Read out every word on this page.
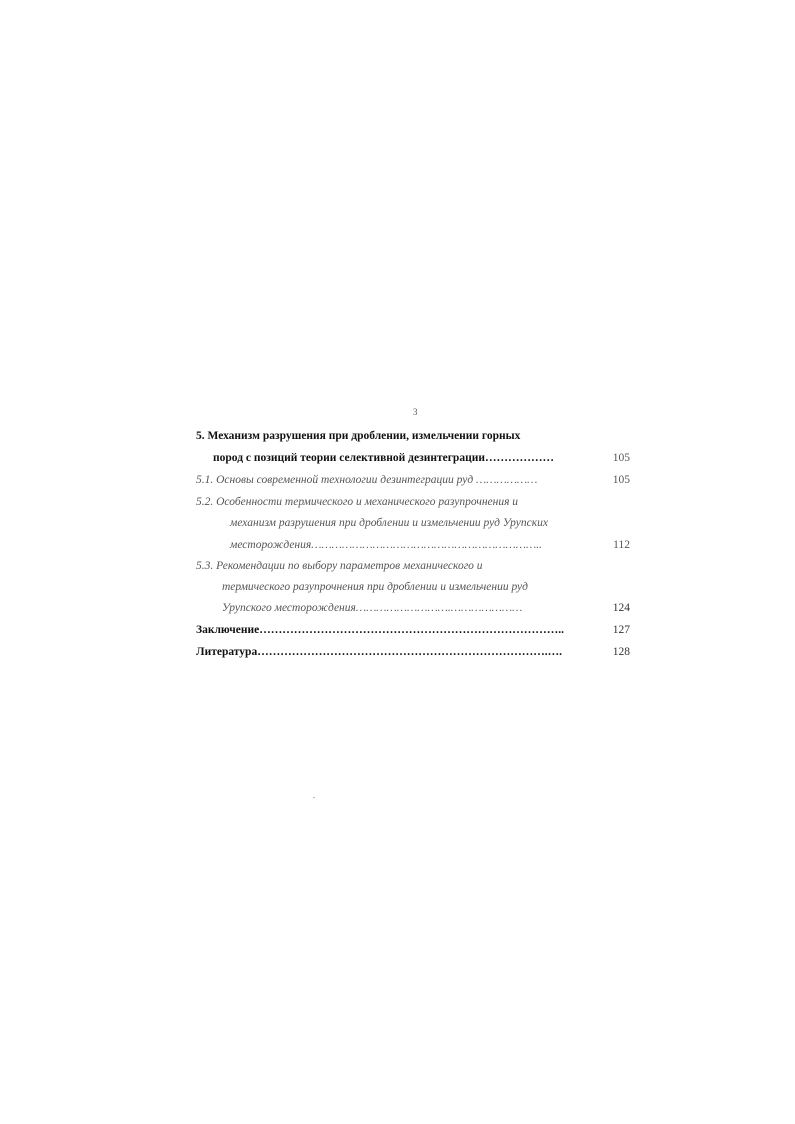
3
5. Механизм разрушения при дроблении, измельчении горных
пород с позиций теории селективной дезинтеграции………………	105
5.1. Основы современной технологии дезинтеграции руд ………………	105
5.2. Особенности термического и механического разупрочнения и
механизм разрушения при дроблении и измельчении руд Урупских
месторождения…………………………………………………………..	112
5.3. Рекомендации по выбору параметров механического и
термического разупрочнения при дроблении и измельчении руд
Урупского месторождения……………………….…………………	124
Заключение……………………………………………………………………..	127
Литература………………………………………………………………….….	128
